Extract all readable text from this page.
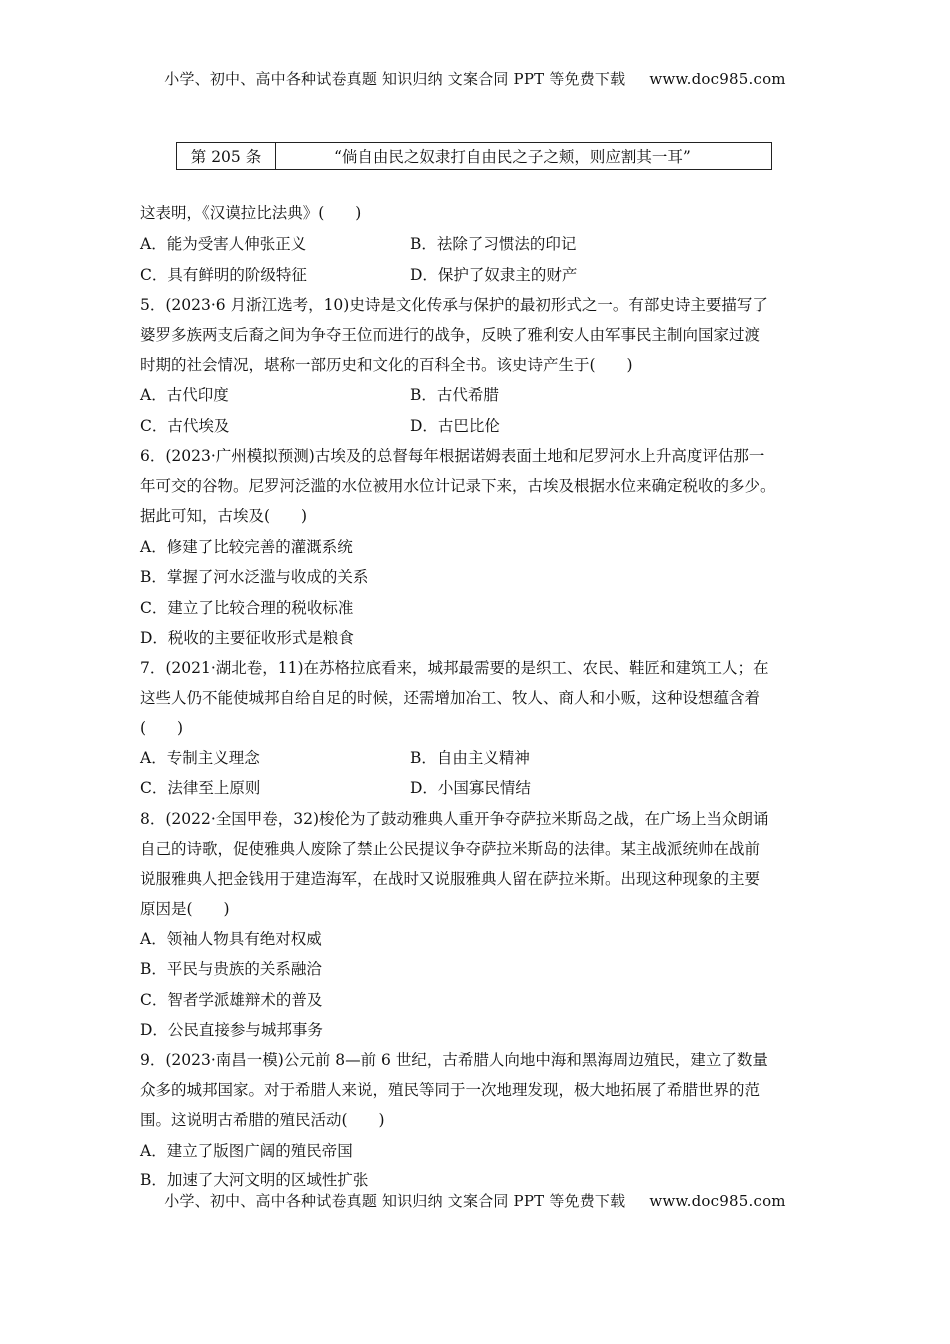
小学、初中、高中各种试卷真题 知识归纳 文案合同 PPT 等免费下载 www.doc985.com
第 205 条	“倘自由民之奴隶打自由民之子之颊，则应割其一耳”
这表明，《汉谟拉比法典》(　　)
A．能为受害人伸张正义	B．祛除了习惯法的印记
C．具有鲜明的阶级特征	D．保护了奴隶主的财产
5．(2023·6 月浙江选考，10)史诗是文化传承与保护的最初形式之一。有部史诗主要描写了
婆罗多族两支后裔之间为争夺王位而进行的战争，反映了雅利安人由军事民主制向国家过渡
时期的社会情况，堪称一部历史和文化的百科全书。该史诗产生于(　　)
A．古代印度	B．古代希腊
C．古代埃及	D．古巴比伦
6．(2023·广州模拟预测)古埃及的总督每年根据诺姆表面土地和尼罗河水上升高度评估那一
年可交的谷物。尼罗河泛滥的水位被用水位计记录下来，古埃及根据水位来确定税收的多少。
据此可知，古埃及(　　)
A．修建了比较完善的灌溉系统
B．掌握了河水泛滥与收成的关系
C．建立了比较合理的税收标准
D．税收的主要征收形式是粮食
7．(2021·湖北卷，11)在苏格拉底看来，城邦最需要的是织工、农民、鞋匠和建筑工人；在
这些人仍不能使城邦自给自足的时候，还需增加冶工、牧人、商人和小贩，这种设想蕴含着
(　　)
A．专制主义理念	B．自由主义精神
C．法律至上原则	D．小国寡民情结
8．(2022·全国甲卷，32)梭伦为了鼓动雅典人重开争夺萨拉米斯岛之战，在广场上当众朗诵
自己的诗歌，促使雅典人废除了禁止公民提议争夺萨拉米斯岛的法律。某主战派统帅在战前
说服雅典人把金钱用于建造海军，在战时又说服雅典人留在萨拉米斯。出现这种现象的主要
原因是(　　)
A．领袖人物具有绝对权威
B．平民与贵族的关系融洽
C．智者学派雄辩术的普及
D．公民直接参与城邦事务
9．(2023·南昌一模)公元前 8—前 6 世纪，古希腊人向地中海和黑海周边殖民，建立了数量
众多的城邦国家。对于希腊人来说，殖民等同于一次地理发现，极大地拓展了希腊世界的范
围。这说明古希腊的殖民活动(　　)
A．建立了版图广阔的殖民帝国
B．加速了大河文明的区域性扩张
小学、初中、高中各种试卷真题 知识归纳 文案合同 PPT 等免费下载 www.doc985.com
